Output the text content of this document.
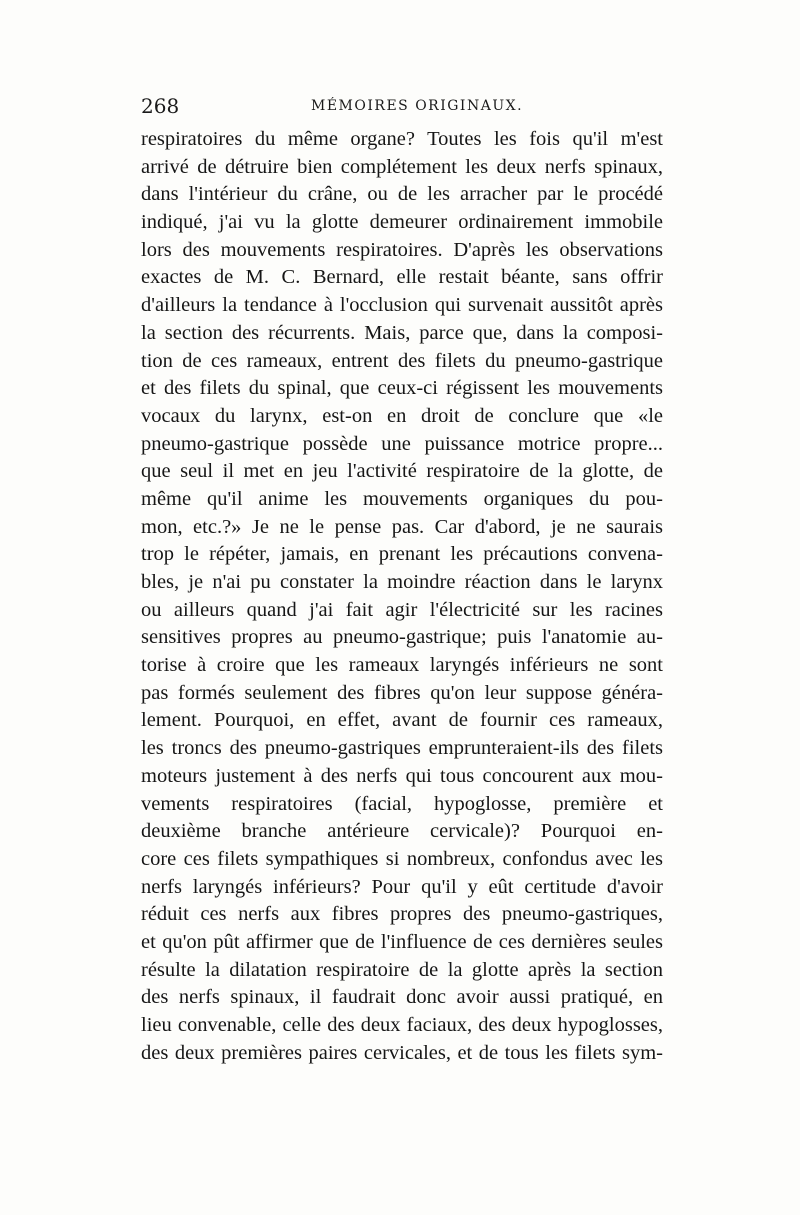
268	MÉMOIRES ORIGINAUX.
respiratoires du même organe? Toutes les fois qu'il m'est
arrivé de détruire bien complétement les deux nerfs spinaux,
dans l'intérieur du crâne, ou de les arracher par le procédé
indiqué, j'ai vu la glotte demeurer ordinairement immobile
lors des mouvements respiratoires. D'après les observations
exactes de M. C. Bernard, elle restait béante, sans offrir
d'ailleurs la tendance à l'occlusion qui survenait aussitôt après
la section des récurrents. Mais, parce que, dans la composi-
tion de ces rameaux, entrent des filets du pneumo-gastrique
et des filets du spinal, que ceux-ci régissent les mouvements
vocaux du larynx, est-on en droit de conclure que «le
pneumo-gastrique possède une puissance motrice propre...
que seul il met en jeu l'activité respiratoire de la glotte, de
même qu'il anime les mouvements organiques du pou-
mon, etc.?» Je ne le pense pas. Car d'abord, je ne saurais
trop le répéter, jamais, en prenant les précautions convena-
bles, je n'ai pu constater la moindre réaction dans le larynx
ou ailleurs quand j'ai fait agir l'électricité sur les racines
sensitives propres au pneumo-gastrique; puis l'anatomie au-
torise à croire que les rameaux laryngés inférieurs ne sont
pas formés seulement des fibres qu'on leur suppose généra-
lement. Pourquoi, en effet, avant de fournir ces rameaux,
les troncs des pneumo-gastriques emprunteraient-ils des filets
moteurs justement à des nerfs qui tous concourent aux mou-
vements respiratoires (facial, hypoglosse, première et
deuxième branche antérieure cervicale)? Pourquoi en-
core ces filets sympathiques si nombreux, confondus avec les
nerfs laryngés inférieurs? Pour qu'il y eût certitude d'avoir
réduit ces nerfs aux fibres propres des pneumo-gastriques,
et qu'on pût affirmer que de l'influence de ces dernières seules
résulte la dilatation respiratoire de la glotte après la section
des nerfs spinaux, il faudrait donc avoir aussi pratiqué, en
lieu convenable, celle des deux faciaux, des deux hypoglosses,
des deux premières paires cervicales, et de tous les filets sym-
